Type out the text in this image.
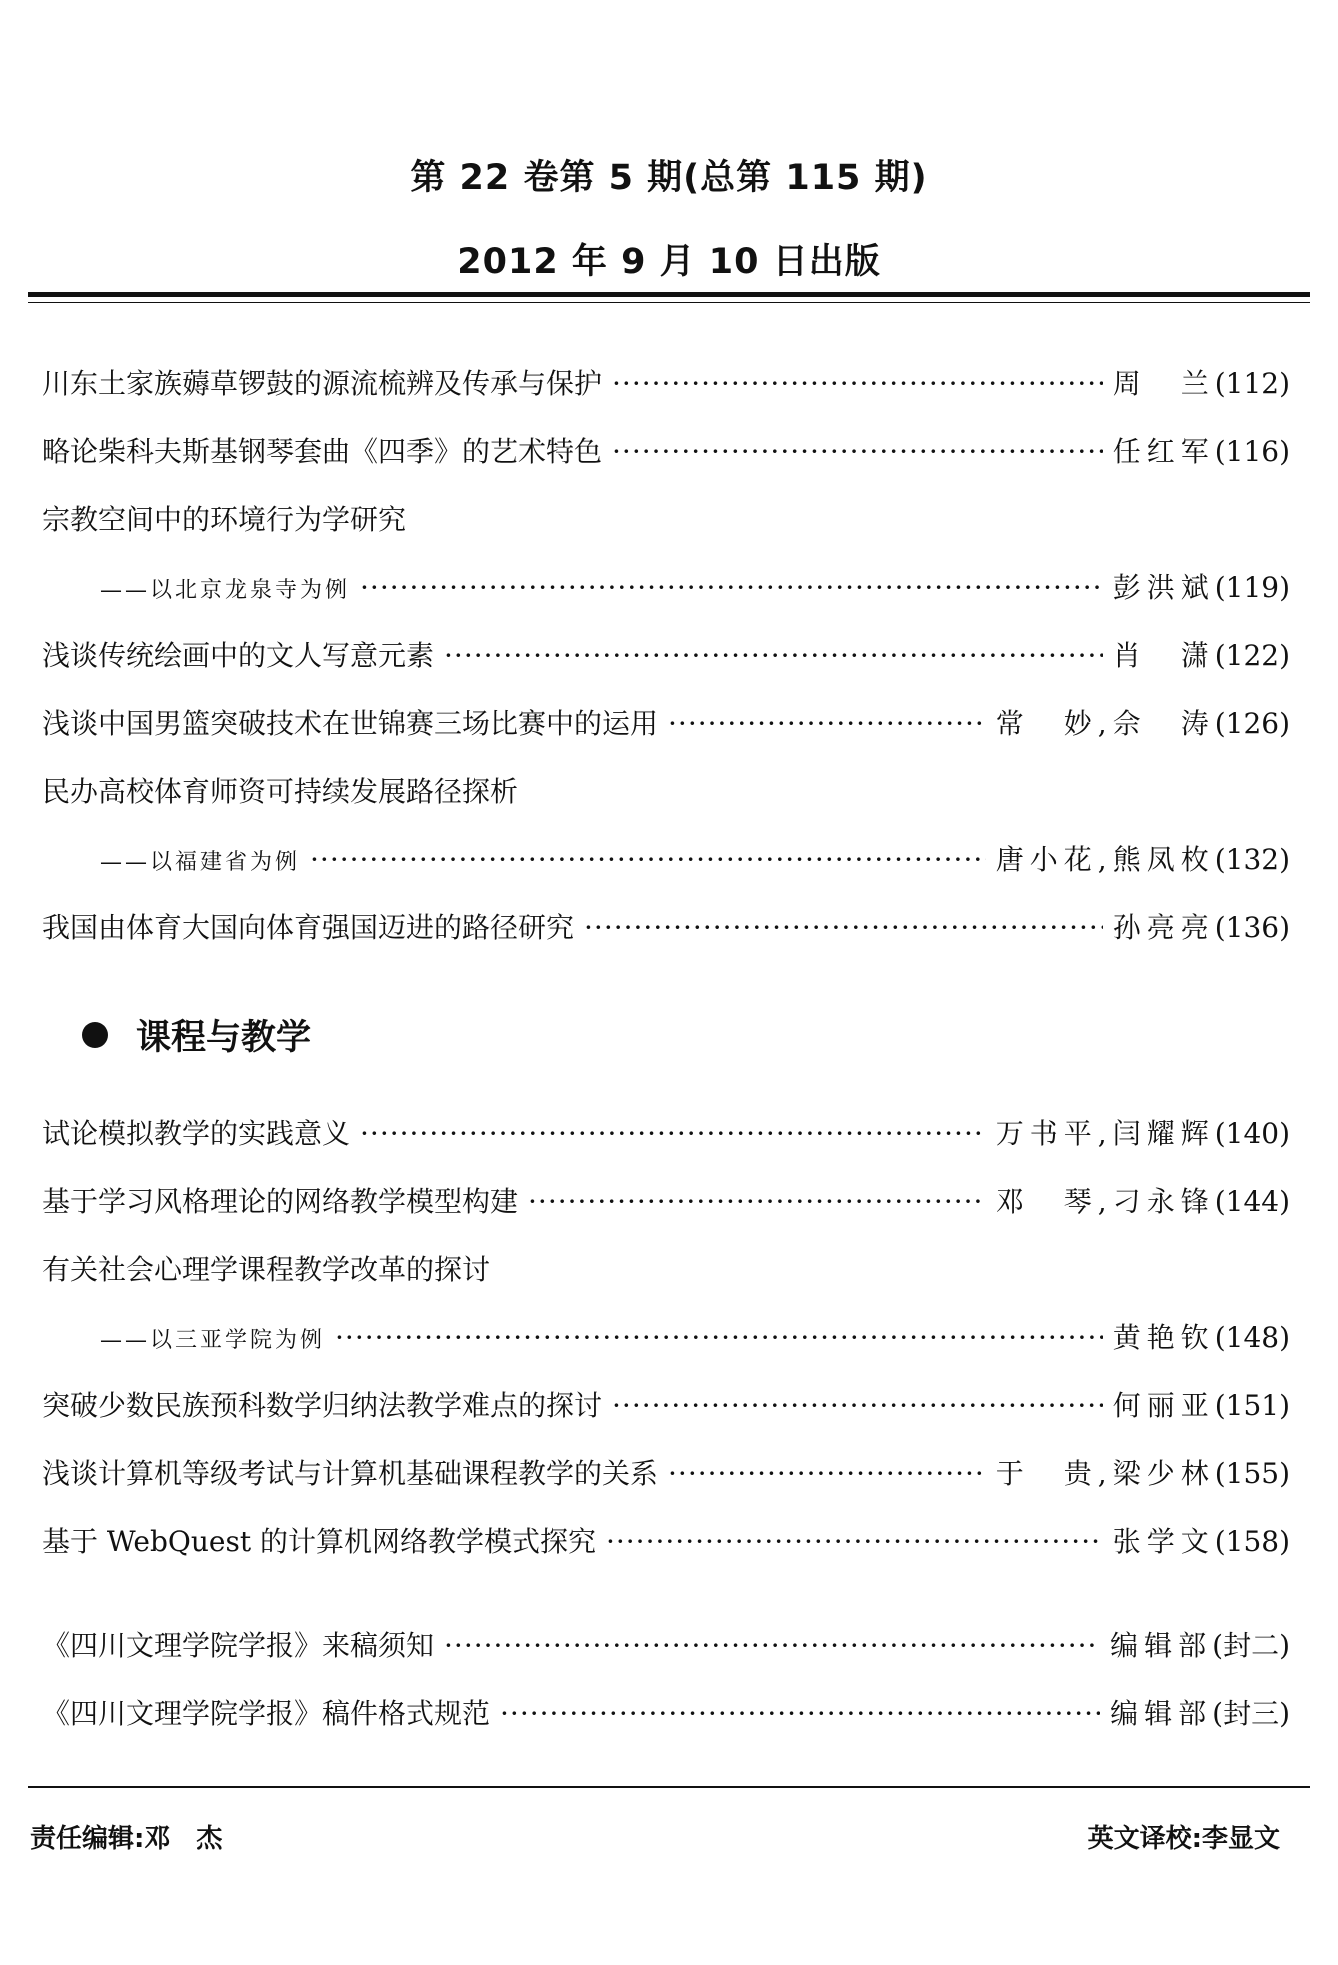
第 22 卷第 5 期(总第 115 期)
2012 年 9 月 10 日出版
川东土家族薅草锣鼓的源流梳辨及传承与保护 ·····	周　兰 (112)
略论柴科夫斯基钢琴套曲《四季》的艺术特色 ·····	任红军 (116)
宗教空间中的环境行为学研究
——以北京龙泉寺为例 ·····	彭洪斌 (119)
浅谈传统绘画中的文人写意元素 ·····	肖　潇 (122)
浅谈中国男篮突破技术在世锦赛三场比赛中的运用 ·····	常　妙,佘　涛 (126)
民办高校体育师资可持续发展路径探析
——以福建省为例 ·····	唐小花,熊凤枚 (132)
我国由体育大国向体育强国迈进的路径研究 ·····	孙亮亮 (136)
试论模拟教学的实践意义 ·····	万书平,闫耀辉 (140)
基于学习风格理论的网络教学模型构建 ·····	邓　琴,刁永锋 (144)
有关社会心理学课程教学改革的探讨
——以三亚学院为例 ·····	黄艳钦 (148)
突破少数民族预科数学归纳法教学难点的探讨 ·····	何丽亚 (151)
浅谈计算机等级考试与计算机基础课程教学的关系 ·····	于　贵,梁少林 (155)
基于 WebQuest 的计算机网络教学模式探究 ·····	张学文 (158)
《四川文理学院学报》来稿须知 ·····	编辑部 (封二)
《四川文理学院学报》稿件格式规范 ·····	编辑部 (封三)
课程与教学
责任编辑:邓　杰	英文译校:李显文
